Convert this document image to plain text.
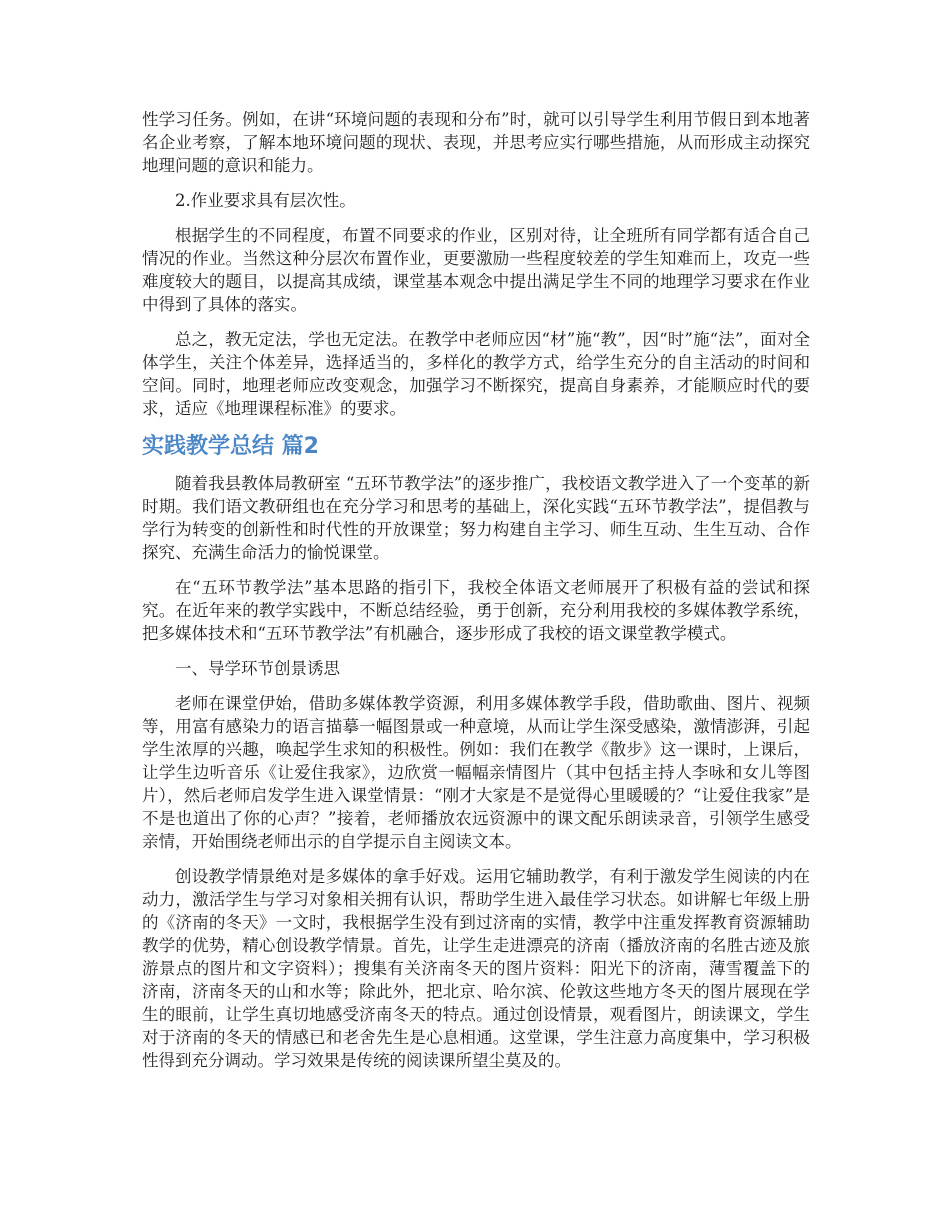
性学习任务。例如，在讲“环境问题的表现和分布”时，就可以引导学生利用节假日到本地著名企业考察，了解本地环境问题的现状、表现，并思考应实行哪些措施，从而形成主动探究地理问题的意识和能力。

2.作业要求具有层次性。

根据学生的不同程度，布置不同要求的作业，区别对待，让全班所有同学都有适合自己情况的作业。当然这种分层次布置作业，更要激励一些程度较差的学生知难而上，攻克一些难度较大的题目，以提高其成绩，课堂基本观念中提出满足学生不同的地理学习要求在作业中得到了具体的落实。

总之，教无定法，学也无定法。在教学中老师应因“材”施“教”，因“时”施“法”，面对全体学生，关注个体差异，选择适当的，多样化的教学方式，给学生充分的自主活动的时间和空间。同时，地理老师应改变观念，加强学习不断探究，提高自身素养，才能顺应时代的要求，适应《地理课程标准》的要求。

实践教学总结 篇2

随着我县教体局教研室 “五环节教学法”的逐步推广，我校语文教学进入了一个变革的新时期。我们语文教研组也在充分学习和思考的基础上，深化实践“五环节教学法”，提倡教与学行为转变的创新性和时代性的开放课堂；努力构建自主学习、师生互动、生生互动、合作探究、充满生命活力的愉悦课堂。

在“五环节教学法”基本思路的指引下，我校全体语文老师展开了积极有益的尝试和探究。在近年来的教学实践中，不断总结经验，勇于创新，充分利用我校的多媒体教学系统，把多媒体技术和“五环节教学法”有机融合，逐步形成了我校的语文课堂教学模式。

一、导学环节创景诱思

老师在课堂伊始，借助多媒体教学资源，利用多媒体教学手段，借助歌曲、图片、视频等，用富有感染力的语言描摹一幅图景或一种意境，从而让学生深受感染，激情澎湃，引起学生浓厚的兴趣，唤起学生求知的积极性。例如：我们在教学《散步》这一课时，上课后，让学生边听音乐《让爱住我家》，边欣赏一幅幅亲情图片（其中包括主持人李咏和女儿等图片），然后老师启发学生进入课堂情景：“刚才大家是不是觉得心里暖暖的？“让爱住我家”是不是也道出了你的心声？”接着，老师播放农远资源中的课文配乐朗读录音，引领学生感受亲情，开始围绕老师出示的自学提示自主阅读文本。

创设教学情景绝对是多媒体的拿手好戏。运用它辅助教学，有利于激发学生阅读的内在动力，激活学生与学习对象相关拥有认识，帮助学生进入最佳学习状态。如讲解七年级上册的《济南的冬天》一文时，我根据学生没有到过济南的实情，教学中注重发挥教育资源辅助教学的优势，精心创设教学情景。首先，让学生走进漂亮的济南（播放济南的名胜古迹及旅游景点的图片和文字资料）；搜集有关济南冬天的图片资料：阳光下的济南，薄雪覆盖下的济南，济南冬天的山和水等；除此外，把北京、哈尔滨、伦敦这些地方冬天的图片展现在学生的眼前，让学生真切地感受济南冬天的特点。通过创设情景，观看图片，朗读课文，学生对于济南的冬天的情感已和老舍先生是心息相通。这堂课，学生注意力高度集中，学习积极性得到充分调动。学习效果是传统的阅读课所望尘莫及的。
